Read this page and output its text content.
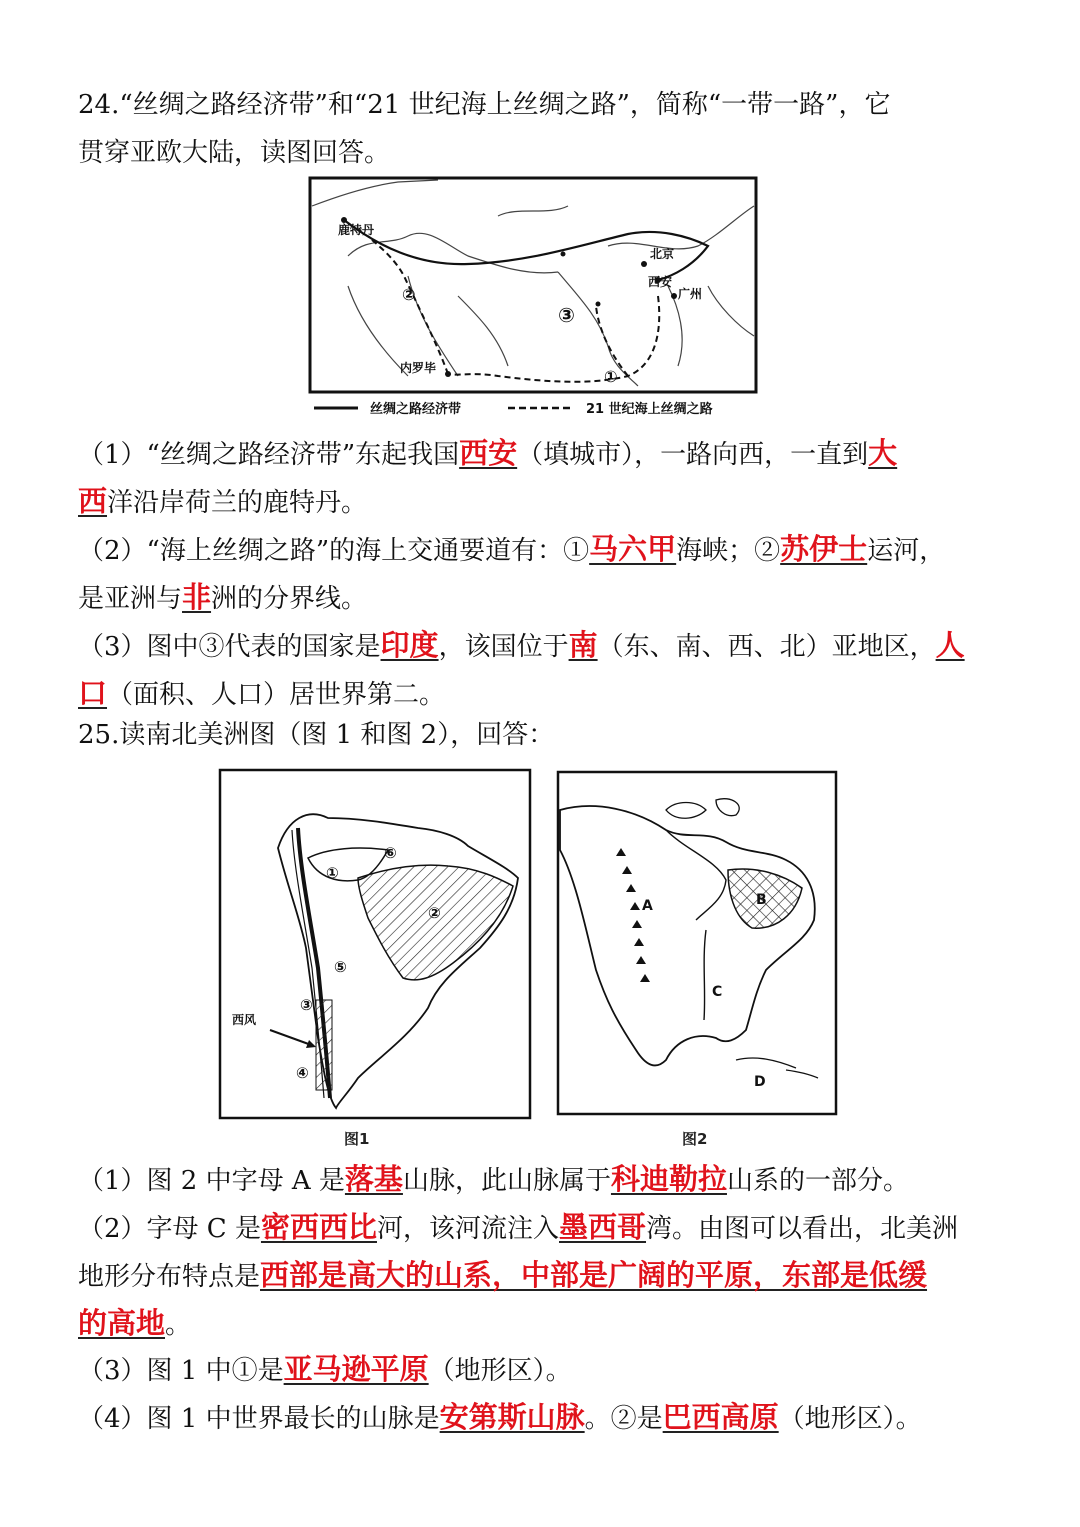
24.“丝绸之路经济带”和“21 世纪海上丝绸之路”，简称“一带一路”，它
贯穿亚欧大陆，读图回答。
鹿特丹
北京
西安
广州
内罗毕	①
②
③
丝绸之路经济带	21 世纪海上丝绸之路
（1）“丝绸之路经济带”东起我国西安（填城市），一路向西，一直到大
西洋沿岸荷兰的鹿特丹。
（2）“海上丝绸之路”的海上交通要道有：①马六甲海峡；②苏伊士运河，
是亚洲与非洲的分界线。
（3）图中③代表的国家是印度，该国位于南（东、南、西、北）亚地区，人
口（面积、人口）居世界第二。
25.读南北美洲图（图 1 和图 2），回答：
西风
①
②
③
④
⑤
⑥
图1
A	B
C
D
图2
（1）图 2 中字母 A 是落基山脉，此山脉属于科迪勒拉山系的一部分。
（2）字母 C 是密西西比河，该河流注入墨西哥湾。由图可以看出，北美洲
地形分布特点是西部是高大的山系，中部是广阔的平原，东部是低缓
的高地。
（3）图 1 中①是亚马逊平原（地形区）。
（4）图 1 中世界最长的山脉是安第斯山脉。②是巴西高原（地形区）。
